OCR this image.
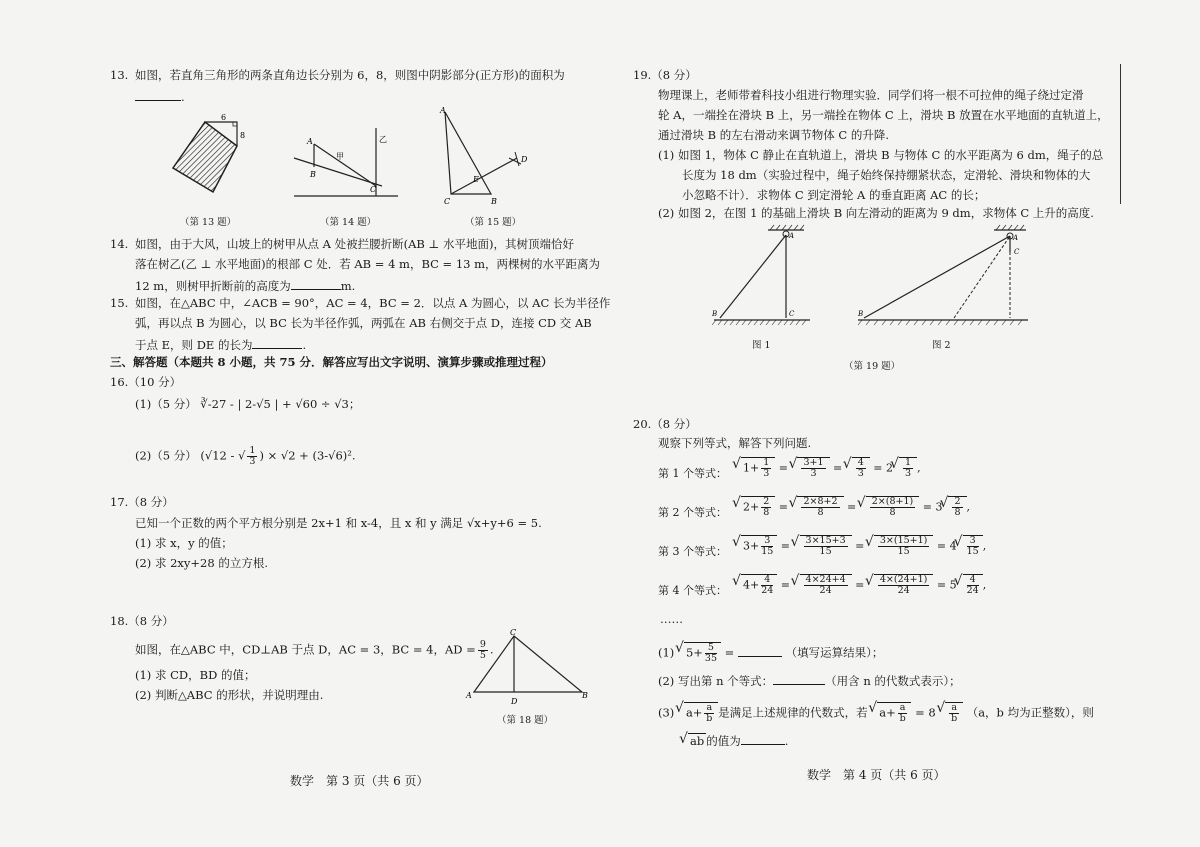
13. 如图，若直角三角形的两条直角边长分别为 6，8，则图中阴影部分(正方形)的面积为
.
6
8
（第 13 题）
A
B
C
甲
乙
（第 14 题）
A
C	B
D
E
（第 15 题）
14. 如图，由于大风，山坡上的树甲从点 A 处被拦腰折断(AB ⊥ 水平地面)，其树顶端恰好
落在树乙(乙 ⊥ 水平地面)的根部 C 处．若 AB = 4 m，BC = 13 m，两棵树的水平距离为
12 m，则树甲折断前的高度为	m.
15. 如图，在△ABC 中，∠ACB = 90°，AC = 4，BC = 2．以点 A 为圆心，以 AC 长为半径作
弧，再以点 B 为圆心，以 BC 长为半径作弧，两弧在 AB 右侧交于点 D，连接 CD 交 AB
于点 E，则 DE 的长为	.
三、解答题（本题共 8 小题，共 75 分．解答应写出文字说明、演算步骤或推理过程）
16.（10 分）
(1)（5 分） ∛-27 - | 2-√5 | + √60 ÷ √3；
(2)（5 分） (√12 - √ $\frac{1}{3}$ ) × √2 + (3-√6)².
17.（8 分）
已知一个正数的两个平方根分别是 2x+1 和 x-4，且 x 和 y 满足 √x+y+6 = 5.
(1) 求 x，y 的值；
(2) 求 2xy+28 的立方根.
18.（8 分）
如图，在△ABC 中，CD⊥AB 于点 D，AC = 3，BC = 4，AD = $\frac{9}{5}$ .
(1) 求 CD，BD 的值；
(2) 判断△ABC 的形状，并说明理由.
C
A	B
D
（第 18 题）
数学　第 3 页（共 6 页）
19.（8 分）
物理课上，老师带着科技小组进行物理实验．同学们将一根不可拉伸的绳子绕过定滑
轮 A，一端拴在滑块 B 上，另一端拴在物体 C 上，滑块 B 放置在水平地面的直轨道上，
通过滑块 B 的左右滑动来调节物体 C 的升降.
(1) 如图 1，物体 C 静止在直轨道上，滑块 B 与物体 C 的水平距离为 6 dm，绳子的总
长度为 18 dm（实验过程中，绳子始终保持绷紧状态，定滑轮、滑块和物体的大
小忽略不计）．求物体 C 到定滑轮 A 的垂直距离 AC 的长；
(2) 如图 2，在图 1 的基础上滑块 B 向左滑动的距离为 9 dm，求物体 C 上升的高度.
A
B	C
A
C
B
图 1	图 2
（第 19 题）
20.（8 分）
观察下列等式，解答下列问题.
第 1 个等式：	√ $1+ \frac{1}{3}$ = √ $\frac{3+1}{3}$ = √ $\frac{4}{3} = 2$ √ $\frac{1}{3}$ ,
第 2 个等式：	√ $2+ \frac{2}{8}$ = √ $\frac{2\times 8+2}{8}$ = √ $\frac{2\times(8+1)}{8} = 3$ √ $\frac{2}{8}$ ,
第 3 个等式：	√ $3+ \frac{3}{15}$ = √ $\frac{3\times 15+3}{15}$ = √ $\frac{3\times(15+1)}{15} = 4$ √ $\frac{3}{15}$ ,
第 4 个等式：	√ $4+ \frac{4}{24}$ = √ $\frac{4\times 24+4}{24}$ = √ $\frac{4\times(24+1)}{24} = 5$ √ $\frac{4}{24}$ ,
……
(1) √ $5+ \frac{5}{35}$ =	（填写运算结果）；
(2) 写出第 n 个等式：	（用含 n 的代数式表示）；
(3) √ $a+ \frac{a}{b}$ 是满足上述规律的代数式，若 √ $a+ \frac{a}{b} = 8$ √ $\frac{a}{b} (a$，b 均为正整数），则
√ ab 的值为	.
数学　第 4 页（共 6 页）
